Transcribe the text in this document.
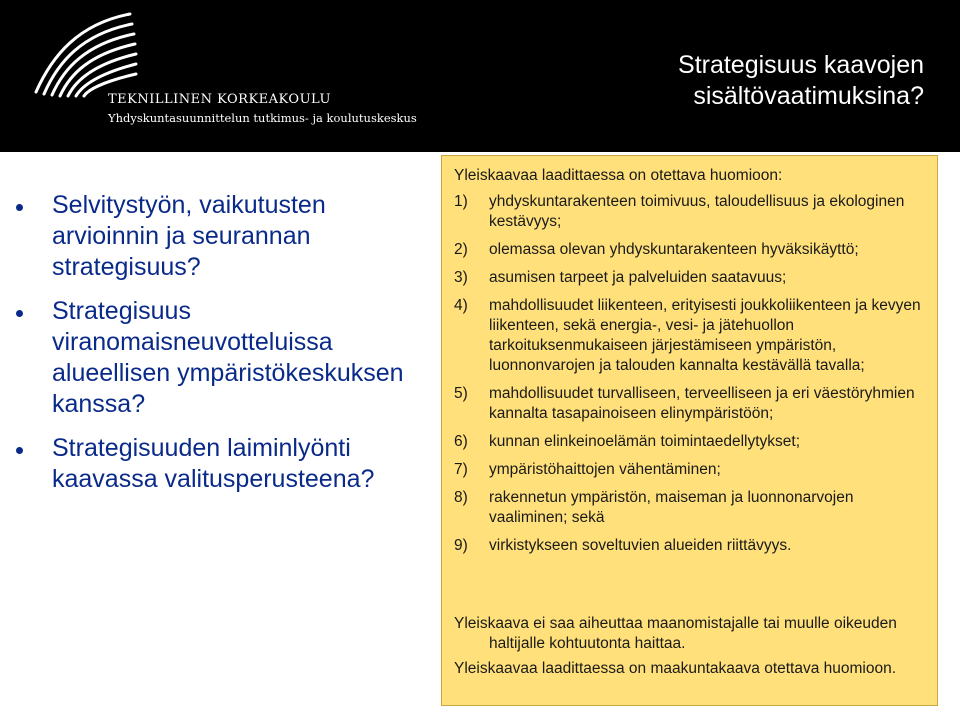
TEKNILLINEN KORKEAKOULU

Yhdyskuntasuunnittelun tutkimus- ja koulutuskeskus

Strategisuus kaavojen
sisältövaatimuksina?
Selvitystyön, vaikutusten arvioinnin ja seurannan strategisuus?
Strategisuus viranomaisneuvotteluissa alueellisen ympäristökeskuksen kanssa?
Strategisuuden laiminlyönti kaavassa valitusperusteena?

Yleiskaavaa laadittaessa on otettava huomioon:

1) yhdyskuntarakenteen toimivuus, taloudellisuus ja ekologinen kestävyys;
2) olemassa olevan yhdyskuntarakenteen hyväksikäyttö;
3) asumisen tarpeet ja palveluiden saatavuus;
4) mahdollisuudet liikenteen, erityisesti joukkoliikenteen ja kevyen liikenteen, sekä energia-, vesi- ja jätehuollon tarkoituksenmukaiseen järjestämiseen ympäristön, luonnonvarojen ja talouden kannalta kestävällä tavalla;
5) mahdollisuudet turvalliseen, terveelliseen ja eri väestöryhmien kannalta tasapainoiseen elinympäristöön;
6) kunnan elinkeinoelämän toimintaedellytykset;
7) ympäristöhaittojen vähentäminen;
8) rakennetun ympäristön, maiseman ja luonnonarvojen vaaliminen; sekä
9) virkistykseen soveltuvien alueiden riittävyys.
Yleiskaava ei saa aiheuttaa maanomistajalle tai muulle oikeuden haltijalle kohtuutonta haittaa.
Yleiskaavaa laadittaessa on maakuntakaava otettava huomioon.
